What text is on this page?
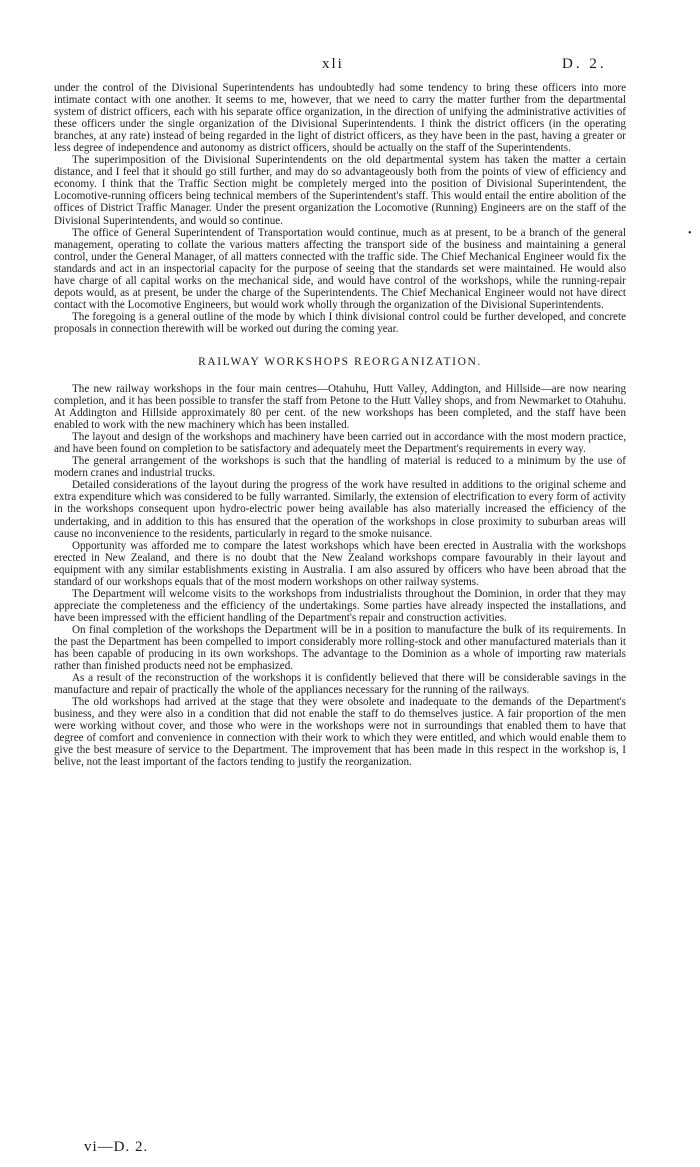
xli	D. 2.
•

under the control of the Divisional Superintendents has undoubtedly had some tendency to bring these officers into more intimate contact with one another. It seems to me, however, that we need to carry the matter further from the departmental system of district officers, each with his separate office organization, in the direction of unifying the administrative activities of these officers under the single organization of the Divisional Superintendents. I think the district officers (in the operating branches, at any rate) instead of being regarded in the light of district officers, as they have been in the past, having a greater or less degree of independence and autonomy as district officers, should be actually on the staff of the Superintendents.

The superimposition of the Divisional Superintendents on the old departmental system has taken the matter a certain distance, and I feel that it should go still further, and may do so advantageously both from the points of view of efficiency and economy. I think that the Traffic Section might be completely merged into the position of Divisional Superintendent, the Locomotive-running officers being technical members of the Superintendent's staff. This would entail the entire abolition of the offices of District Traffic Manager. Under the present organization the Locomotive (Running) Engineers are on the staff of the Divisional Superintendents, and would so continue.

The office of General Superintendent of Transportation would continue, much as at present, to be a branch of the general management, operating to collate the various matters affecting the transport side of the business and maintaining a general control, under the General Manager, of all matters connected with the traffic side. The Chief Mechanical Engineer would fix the standards and act in an inspectorial capacity for the purpose of seeing that the standards set were maintained. He would also have charge of all capital works on the mechanical side, and would have control of the workshops, while the running-repair depots would, as at present, be under the charge of the Superintendents. The Chief Mechanical Engineer would not have direct contact with the Locomotive Engineers, but would work wholly through the organization of the Divisional Superintendents.

The foregoing is a general outline of the mode by which I think divisional control could be further developed, and concrete proposals in connection therewith will be worked out during the coming year.

RAILWAY WORKSHOPS REORGANIZATION.

The new railway workshops in the four main centres—Otahuhu, Hutt Valley, Addington, and Hillside—are now nearing completion, and it has been possible to transfer the staff from Petone to the Hutt Valley shops, and from Newmarket to Otahuhu. At Addington and Hillside approximately 80 per cent. of the new workshops has been completed, and the staff have been enabled to work with the new machinery which has been installed.

The layout and design of the workshops and machinery have been carried out in accordance with the most modern practice, and have been found on completion to be satisfactory and adequately meet the Department's requirements in every way.

The general arrangement of the workshops is such that the handling of material is reduced to a minimum by the use of modern cranes and industrial trucks.

Detailed considerations of the layout during the progress of the work have resulted in additions to the original scheme and extra expenditure which was considered to be fully warranted. Similarly, the extension of electrification to every form of activity in the workshops consequent upon hydro-electric power being available has also materially increased the efficiency of the undertaking, and in addition to this has ensured that the operation of the workshops in close proximity to suburban areas will cause no inconvenience to the residents, particularly in regard to the smoke nuisance.

Opportunity was afforded me to compare the latest workshops which have been erected in Australia with the workshops erected in New Zealand, and there is no doubt that the New Zealand workshops compare favourably in their layout and equipment with any similar establishments existing in Australia. I am also assured by officers who have been abroad that the standard of our workshops equals that of the most modern workshops on other railway systems.

The Department will welcome visits to the workshops from industrialists throughout the Dominion, in order that they may appreciate the completeness and the efficiency of the undertakings. Some parties have already inspected the installations, and have been impressed with the efficient handling of the Department's repair and construction activities.

On final completion of the workshops the Department will be in a position to manufacture the bulk of its requirements. In the past the Department has been compelled to import considerably more rolling-stock and other manufactured materials than it has been capable of producing in its own workshops. The advantage to the Dominion as a whole of importing raw materials rather than finished products need not be emphasized.

As a result of the reconstruction of the workshops it is confidently believed that there will be considerable savings in the manufacture and repair of practically the whole of the appliances necessary for the running of the railways.

The old workshops had arrived at the stage that they were obsolete and inadequate to the demands of the Department's business, and they were also in a condition that did not enable the staff to do themselves justice. A fair proportion of the men were working without cover, and those who were in the workshops were not in surroundings that enabled them to have that degree of comfort and convenience in connection with their work to which they were entitled, and which would enable them to give the best measure of service to the Department. The improvement that has been made in this respect in the workshop is, I belive, not the least important of the factors tending to justify the reorganization.

vi—D. 2.
